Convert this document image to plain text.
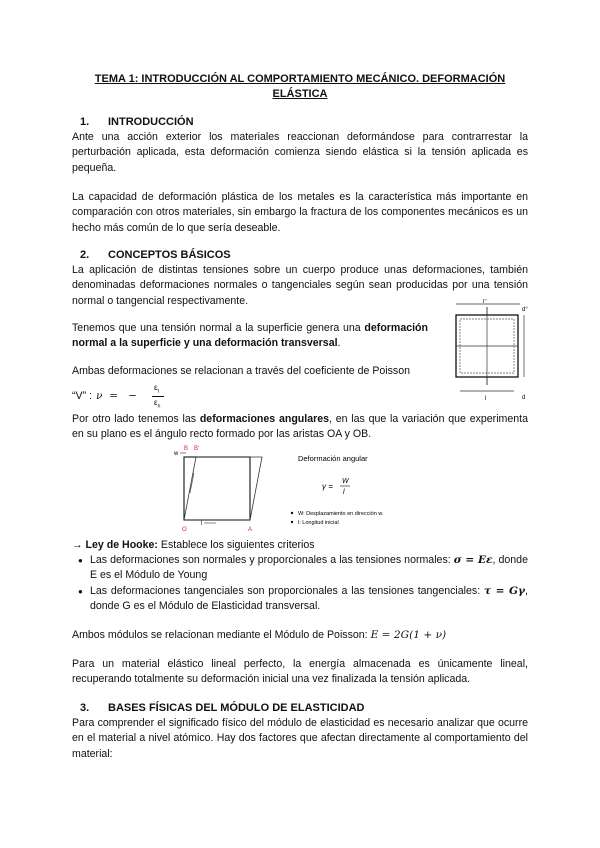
TEMA 1: INTRODUCCIÓN AL COMPORTAMIENTO MECÁNICO. DEFORMACIÓN
ELÁSTICA
1. INTRODUCCIÓN
Ante una acción exterior los materiales reaccionan deformándose para contrarrestar la perturbación aplicada, esta deformación comienza siendo elástica si la tensión aplicada es pequeña.
La capacidad de deformación plástica de los metales es la característica más importante en comparación con otros materiales, sin embargo la fractura de los componentes mecánicos es un hecho más común de lo que sería deseable.
2. CONCEPTOS BÁSICOS
La aplicación de distintas tensiones sobre un cuerpo produce unas deformaciones, también denominadas deformaciones normales o tangenciales según sean producidas por una tensión normal o tangencial respectivamente.
Tenemos que una tensión normal a la superficie genera una deformación normal a la superficie y una deformación transversal.
Ambas deformaciones se relacionan a través del coeficiente de Poisson
“V” : ν  =   −
$\varepsilon_t$
$\varepsilon_n$
l°
d°
d
l
Por otro lado tenemos las deformaciones angulares, en las que la variación que experimenta en su plano es el ángulo recto formado por las aristas OA y OB.
w
B B'
O	A
l
Deformación angular
γ =
W
l
W: Desplazamiento en dirección w.
l: Longitud inicial
→ Ley de Hooke: Establece los siguientes criterios
● Las deformaciones son normales y proporcionales a las tensiones normales: σ = Eε, donde E es el Módulo de Young
● Las deformaciones tangenciales son proporcionales a las tensiones tangenciales: τ = Gγ, donde G es el Módulo de Elasticidad transversal.
Ambos módulos se relacionan mediante el Módulo de Poisson: E = 2G(1 + ν)
Para un material elástico lineal perfecto, la energía almacenada es únicamente lineal, recuperando totalmente su deformación inicial una vez finalizada la tensión aplicada.
3. BASES FÍSICAS DEL MÓDULO DE ELASTICIDAD
Para comprender el significado físico del módulo de elasticidad es necesario analizar que ocurre en el material a nivel atómico. Hay dos factores que afectan directamente al comportamiento del material:
